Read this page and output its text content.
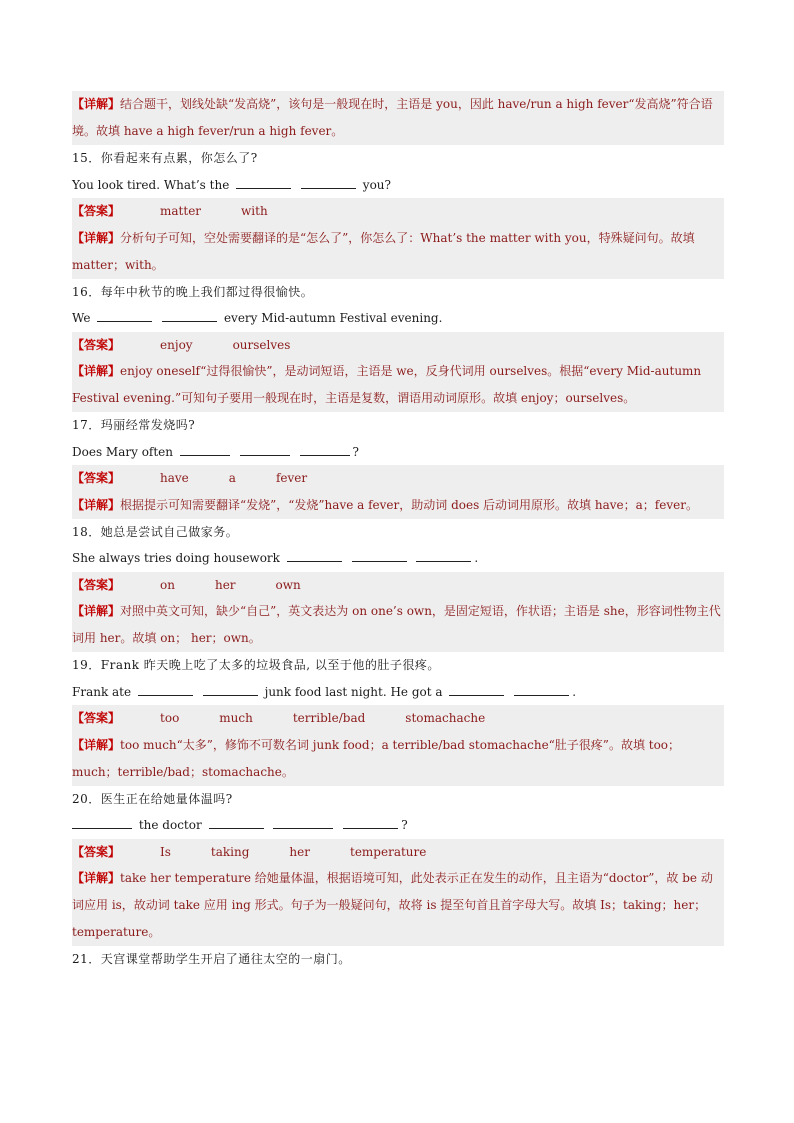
【详解】结合题干，划线处缺“发高烧”，该句是一般现在时，主语是 you，因此 have/run a high fever“发高烧”符合语境。故填 have a high fever/run a high fever。
15．你看起来有点累，你怎么了?
You look tired. What’s the	you?
【答案】	matter	with
【详解】分析句子可知，空处需要翻译的是“怎么了”，你怎么了：What’s the matter with you，特殊疑问句。故填 matter；with。
16．每年中秋节的晚上我们都过得很愉快。
We	every Mid-autumn Festival evening.
【答案】	enjoy	ourselves
【详解】enjoy oneself“过得很愉快”，是动词短语，主语是 we，反身代词用 ourselves。根据“every Mid-autumn Festival evening.”可知句子要用一般现在时，主语是复数，谓语用动词原形。故填 enjoy；ourselves。
17．玛丽经常发烧吗?
Does Mary often	?
【答案】	have	a	fever
【详解】根据提示可知需要翻译“发烧”，“发烧”have a fever，助动词 does 后动词用原形。故填 have；a；fever。
18．她总是尝试自己做家务。
She always tries doing housework	.
【答案】	on	her	own
【详解】对照中英文可知，缺少“自己”，英文表达为 on one’s own，是固定短语，作状语；主语是 she，形容词性物主代词用 her。故填 on； her；own。
19．Frank 昨天晚上吃了太多的垃圾食品, 以至于他的肚子很疼。
Frank ate	junk food last night. He got a	.
【答案】	too	much	terrible/bad	stomachache
【详解】too much“太多”，修饰不可数名词 junk food；a terrible/bad stomachache“肚子很疼”。故填 too；much；terrible/bad；stomachache。
20．医生正在给她量体温吗?
the doctor	?
【答案】	Is	taking	her	temperature
【详解】take her temperature 给她量体温，根据语境可知，此处表示正在发生的动作，且主语为“doctor”，故 be 动词应用 is，故动词 take 应用 ing 形式。句子为一般疑问句，故将 is 提至句首且首字母大写。故填 Is；taking；her；temperature。
21．天宫课堂帮助学生开启了通往太空的一扇门。
